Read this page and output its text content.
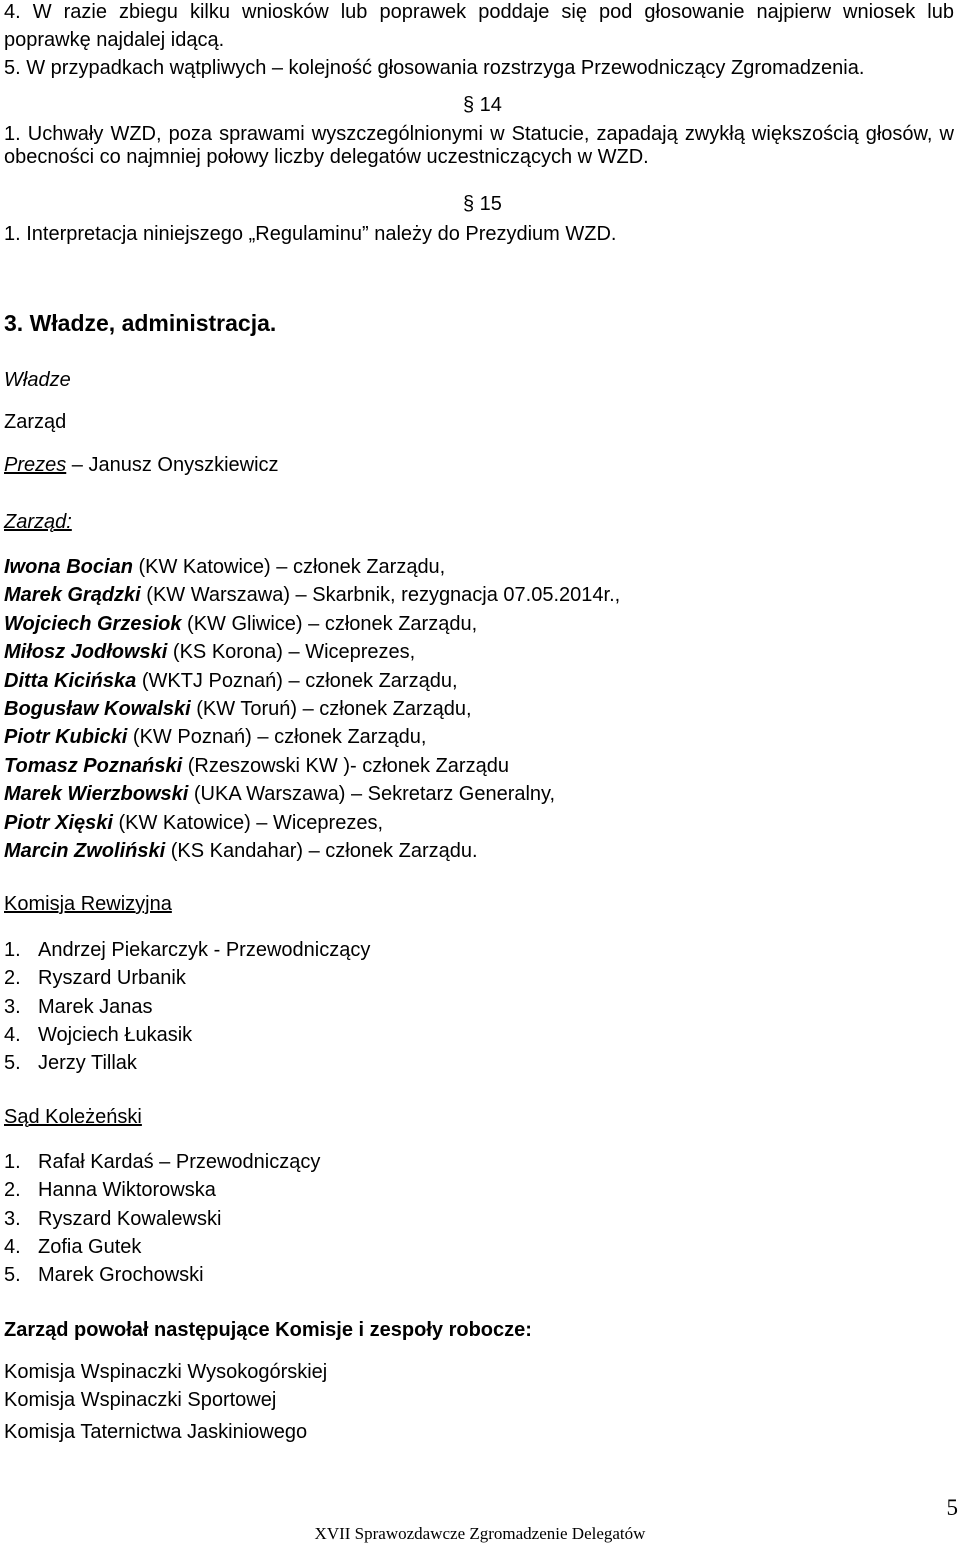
4. W razie zbiegu kilku wniosków lub poprawek poddaje się pod głosowanie najpierw wniosek lub poprawkę najdalej idącą.

5. W przypadkach wątpliwych – kolejność głosowania rozstrzyga Przewodniczący Zgromadzenia.

§ 14
1. Uchwały WZD, poza sprawami wyszczególnionymi w Statucie, zapadają zwykłą większością głosów, w obecności co najmniej połowy liczby delegatów uczestniczących w WZD.
§ 15
1. Interpretacja niniejszego „Regulaminu” należy do Prezydium WZD.
3. Władze, administracja.
Władze
Zarząd
Prezes – Janusz Onyszkiewicz
Zarząd:
Iwona Bocian (KW Katowice) – członek Zarządu,
Marek Grądzki (KW Warszawa) – Skarbnik, rezygnacja 07.05.2014r.,
Wojciech Grzesiok (KW Gliwice) – członek Zarządu,
Miłosz Jodłowski (KS Korona) – Wiceprezes,
Ditta Kicińska (WKTJ Poznań) – członek Zarządu,
Bogusław Kowalski (KW Toruń) – członek Zarządu,
Piotr Kubicki (KW Poznań) – członek Zarządu,
Tomasz Poznański (Rzeszowski KW )- członek Zarządu
Marek Wierzbowski (UKA Warszawa) – Sekretarz Generalny,
Piotr Xięski (KW Katowice) – Wiceprezes,
Marcin Zwoliński (KS Kandahar) – członek Zarządu.
Komisja Rewizyjna
1. Andrzej Piekarczyk - Przewodniczący
2. Ryszard Urbanik
3. Marek Janas
4. Wojciech Łukasik
5. Jerzy Tillak
Sąd Koleżeński
1. Rafał Kardaś – Przewodniczący
2. Hanna Wiktorowska
3. Ryszard Kowalewski
4. Zofia Gutek
5. Marek Grochowski
Zarząd powołał następujące Komisje i zespoły robocze:
Komisja Wspinaczki Wysokogórskiej
Komisja Wspinaczki Sportowej
Komisja Taternictwa Jaskiniowego
5
XVII Sprawozdawcze Zgromadzenie Delegatów
